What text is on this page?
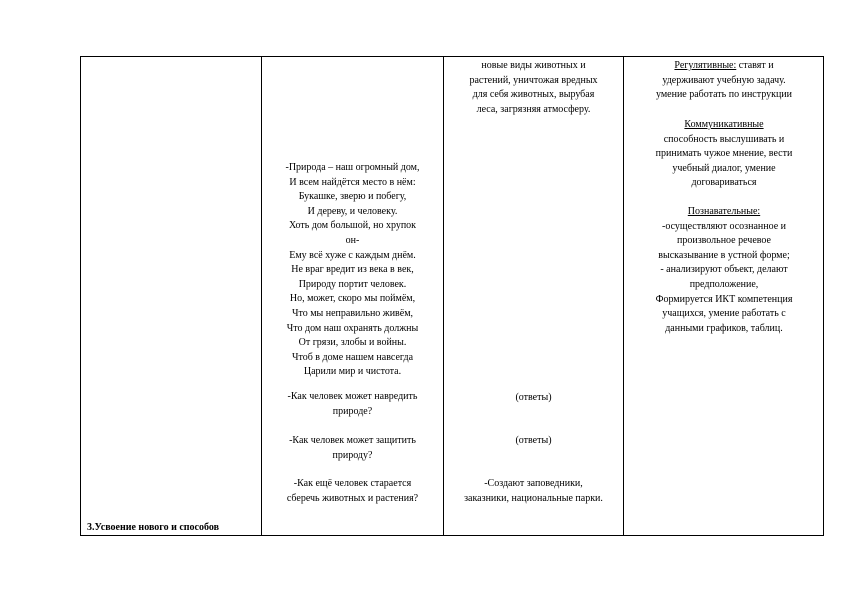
3.Усвоение нового и способов
-Природа – наш огромный дом,
И всем найдётся место в нём:
Букашке, зверю и побегу,
И дереву, и человеку.
Хоть дом большой, но хрупок
он-
Ему всё хуже с каждым днём.
Не враг вредит из века в век,
Природу портит человек.
Но, может, скоро мы поймём,
Что мы неправильно живём,
Что дом наш охранять должны
От грязи, злобы и войны.
Чтоб в доме нашем навсегда
Царили мир и чистота.
-Как человек может навредить
природе?
-Как человек может защитить
природу?
-Как ещё человек старается
сберечь животных и растения?
новые виды животных и
растений, уничтожая вредных
для себя животных, вырубая
леса, загрязняя атмосферу.
(ответы)
(ответы)
-Создают заповедники,
заказники, национальные парки.
Регулятивные: ставят и
удерживают учебную задачу.
умение работать по инструкции
Коммуникативные
способность выслушивать и
принимать чужое мнение, вести
учебный диалог, умение
договариваться
Познавательные:
-осуществляют осознанное и
произвольное речевое
высказывание в устной форме;
- анализируют объект, делают
предположение,
Формируется ИКТ компетенция
учащихся, умение работать с
данными графиков, таблиц.
